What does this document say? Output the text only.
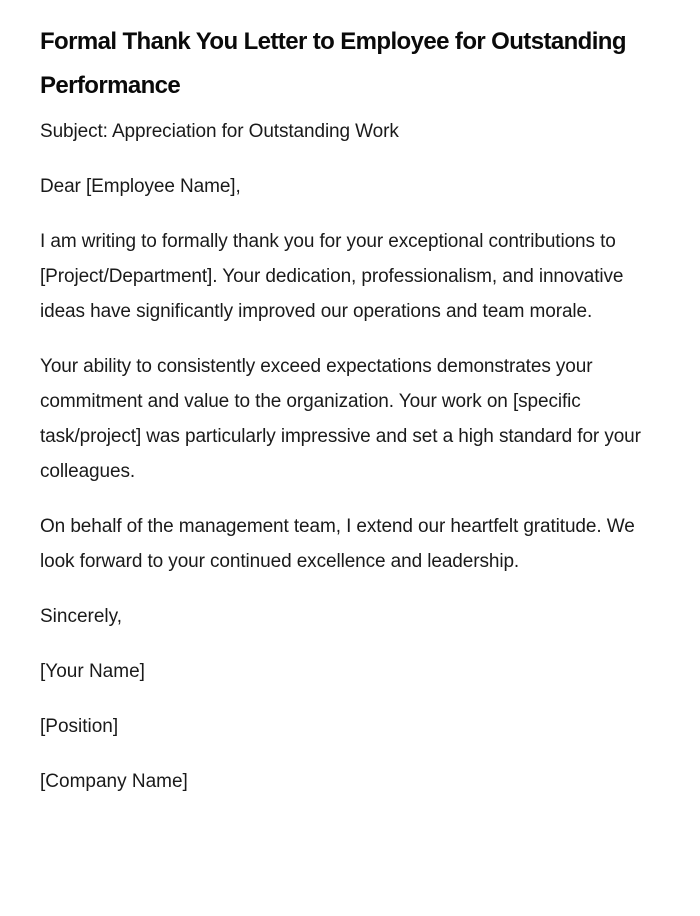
Formal Thank You Letter to Employee for Outstanding Performance

Subject: Appreciation for Outstanding Work

Dear [Employee Name],

I am writing to formally thank you for your exceptional contributions to [Project/Department]. Your dedication, professionalism, and innovative ideas have significantly improved our operations and team morale.

Your ability to consistently exceed expectations demonstrates your commitment and value to the organization. Your work on [specific task/project] was particularly impressive and set a high standard for your colleagues.

On behalf of the management team, I extend our heartfelt gratitude. We look forward to your continued excellence and leadership.

Sincerely,

[Your Name]

[Position]

[Company Name]
